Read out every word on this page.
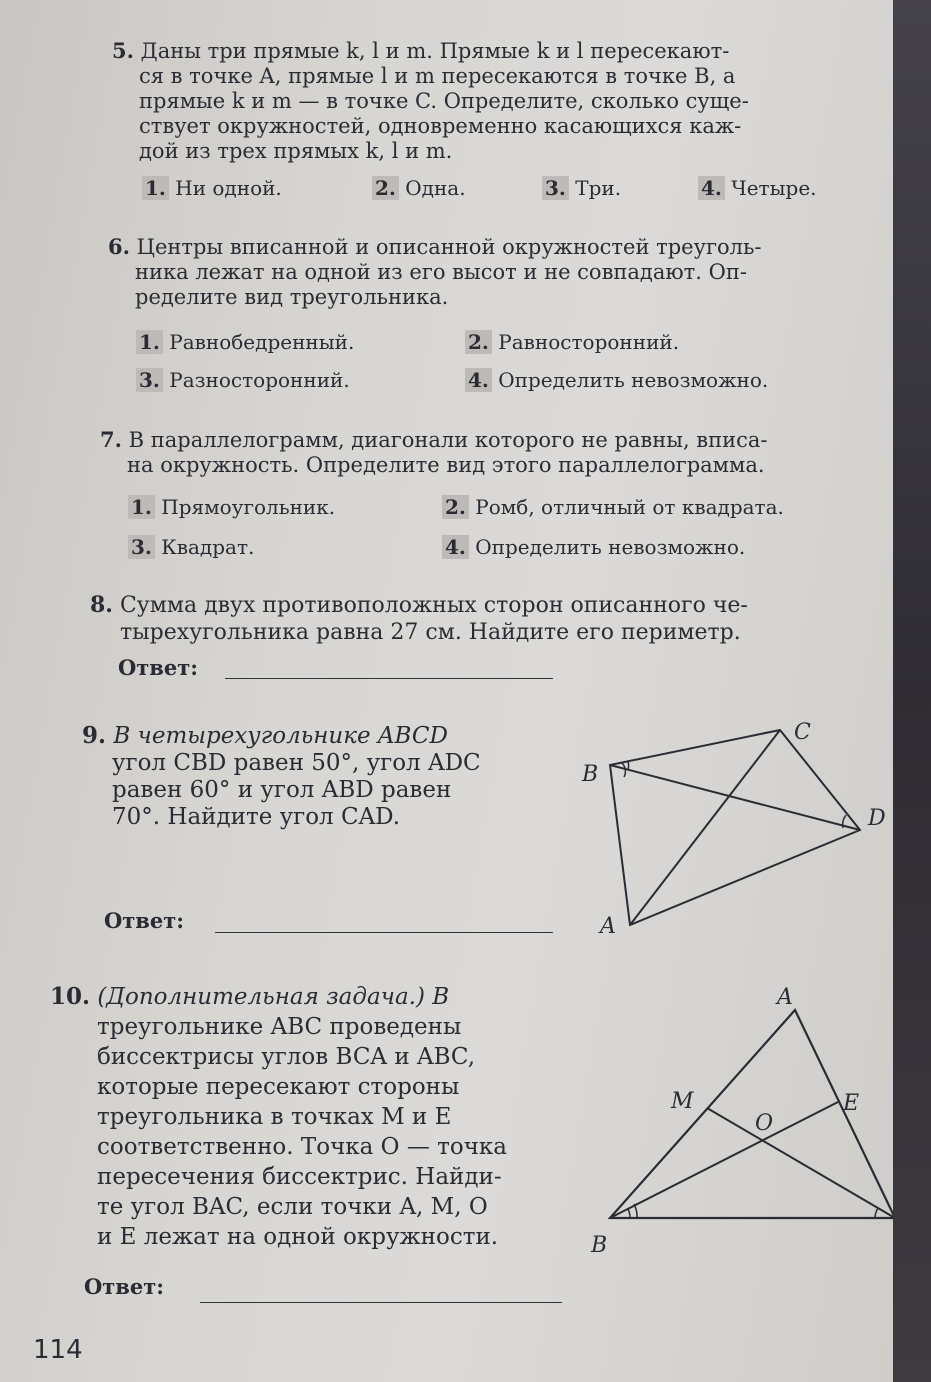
5. Даны три прямые k, l и m. Прямые k и l пересекают-
ся в точке A, прямые l и m пересекаются в точке B, а
прямые k и m — в точке C. Определите, сколько суще-
ствует окружностей, одновременно касающихся каж-
дой из трех прямых k, l и m.
1. Ни одной.	2. Одна.	3. Три.	4. Четыре.
6. Центры вписанной и описанной окружностей треуголь-
ника лежат на одной из его высот и не совпадают. Оп-
ределите вид треугольника.
1. Равнобедренный.	2. Равносторонний.
3. Разносторонний.	4. Определить невозможно.
7. В параллелограмм, диагонали которого не равны, вписа-
на окружность. Определите вид этого параллелограмма.
1. Прямоугольник.	2. Ромб, отличный от квадрата.
3. Квадрат.	4. Определить невозможно.
8. Сумма двух противоположных сторон описанного че-
тырехугольника равна 27 см. Найдите его периметр.
Ответ:
9. В четырехугольнике ABCD
угол CBD равен 50°, угол ADC
равен 60° и угол ABD равен
70°. Найдите угол CAD.
Ответ:	A
B
C
D
10. (Дополнительная задача.) В
треугольнике ABC проведены
биссектрисы углов BCA и ABC,
которые пересекают стороны
треугольника в точках M и E
соответственно. Точка O — точка
пересечения биссектрис. Найди-
те угол BAC, если точки A, M, O
и E лежат на одной окружности.
Ответ:
A
B
M	E
O
114
